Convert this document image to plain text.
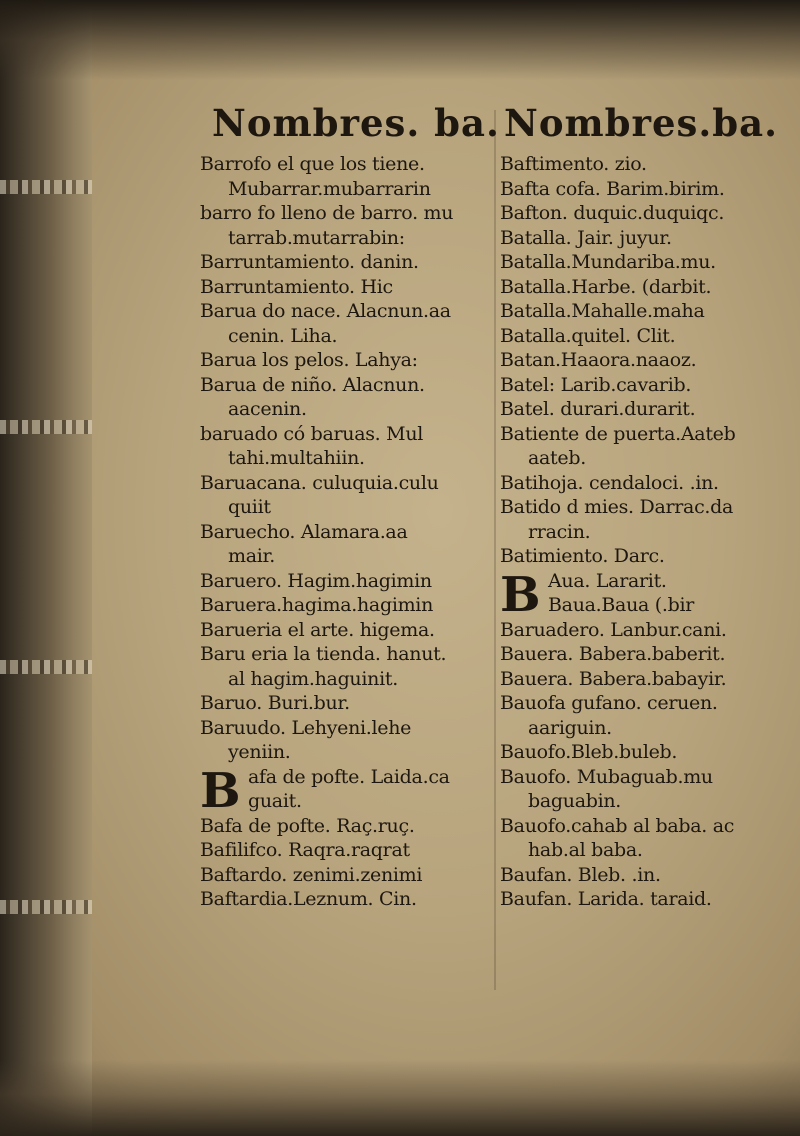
Nombres. ba.
Barrofo el que los tiene.
Mubarrar.mubarrarin
barro fo lleno de barro. mu
tarrab.mutarrabin:
Barruntamiento. danin.
Barruntamiento. Hic
Barua do nace. Alacnun.aa
cenin. Liha.
Barua los pelos. Lahya:
Barua de niño. Alacnun.
aacenin.
baruado có baruas. Mul
tahi.multahiin.
Baruacana. culuquia.culu
quiit
Baruecho. Alamara.aa
mair.
Baruero. Hagim.hagimin
Baruera.hagima.hagimin
Barueria el arte. higema.
Baru eria la tienda. hanut.
al hagim.haguinit.
Baruo. Buri.bur.
Baruudo. Lehyeni.lehe
yeniin.
B afa de pofte. Laida.ca
guait.
Bafa de pofte. Raç.ruç.
Bafilifco. Raqra.raqrat
Baftardo. zenimi.zenimi
Baftardia.Leznum. Cin.
Nombres.ba.
Baftimento. zio.
Bafta cofa. Barim.birim.
Bafton. duquic.duquiqc.
Batalla. Jair. juyur.
Batalla.Mundariba.mu.
Batalla.Harbe. (darbit.
Batalla.Mahalle.maha
Batalla.quitel. Clit.
Batan.Haaora.naaoz.
Batel: Larib.cavarib.
Batel. durari.durarit.
Batiente de puerta.Aateb
aateb.
Batihoja. cendaloci. .in.
Batido d mies. Darrac.da
rracin.
Batimiento. Darc.
B Aua. Lararit.
Baua.Baua (.bir
Baruadero. Lanbur.cani.
Bauera. Babera.baberit.
Bauera. Babera.babayir.
Bauofa gufano. ceruen.
aariguin.
Bauofo.Bleb.buleb.
Bauofo. Mubaguab.mu
baguabin.
Bauofo.cahab al baba. ac
hab.al baba.
Baufan. Bleb. .in.
Baufan. Larida. taraid.
